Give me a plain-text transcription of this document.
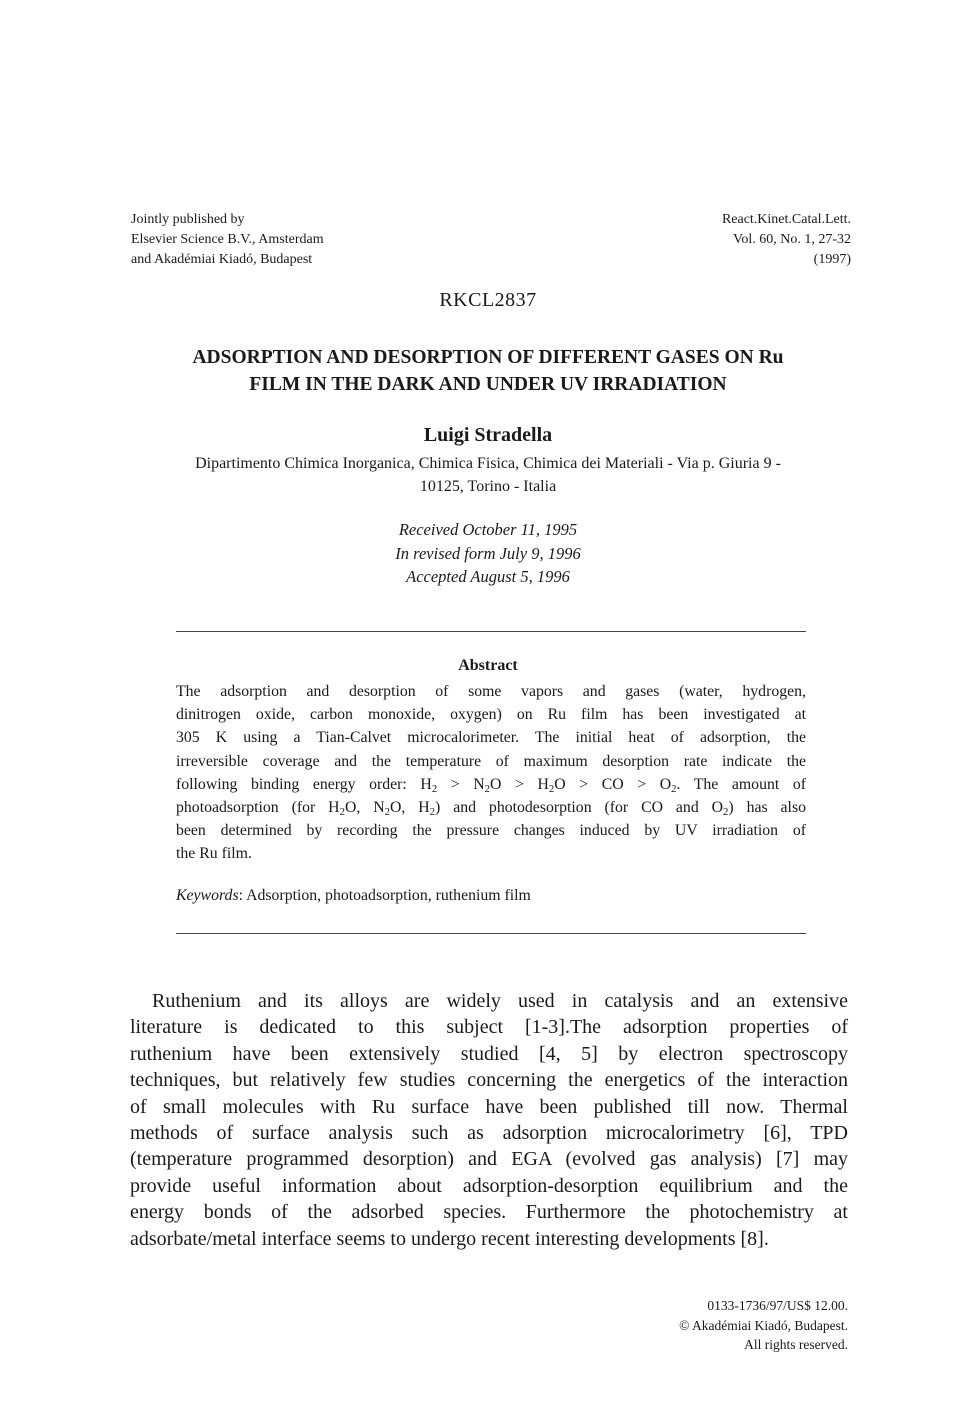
Jointly published by
Elsevier Science B.V., Amsterdam
and Akadémiai Kiadó, Budapest
React.Kinet.Catal.Lett.
Vol. 60, No. 1, 27-32
(1997)
RKCL2837
ADSORPTION AND DESORPTION OF DIFFERENT GASES ON Ru
FILM IN THE DARK AND UNDER UV IRRADIATION
Luigi Stradella
Dipartimento Chimica Inorganica, Chimica Fisica, Chimica dei Materiali - Via p. Giuria 9 -
10125, Torino - Italia
Received October 11, 1995
In revised form July 9, 1996
Accepted August 5, 1996
Abstract
The adsorption and desorption of some vapors and gases (water, hydrogen,
dinitrogen oxide, carbon monoxide, oxygen) on Ru film has been investigated at
305 K using a Tian-Calvet microcalorimeter. The initial heat of adsorption, the
irreversible coverage and the temperature of maximum desorption rate indicate the
following binding energy order: $H_2 > N_2O > H_2O$ > CO > $O_2$. The amount of
photoadsorption (for $H_2O$, $N_2O$, $H_2$) and photodesorption (for CO and $O_2$) has also
been determined by recording the pressure changes induced by UV irradiation of
the Ru film.
Keywords: Adsorption, photoadsorption, ruthenium film
Ruthenium and its alloys are widely used in catalysis and an extensive
literature is dedicated to this subject [1-3].The adsorption properties of
ruthenium have been extensively studied [4, 5] by electron spectroscopy
techniques, but relatively few studies concerning the energetics of the interaction
of small molecules with Ru surface have been published till now. Thermal
methods of surface analysis such as adsorption microcalorimetry [6], TPD
(temperature programmed desorption) and EGA (evolved gas analysis) [7] may
provide useful information about adsorption-desorption equilibrium and the
energy bonds of the adsorbed species. Furthermore the photochemistry at
adsorbate/metal interface seems to undergo recent interesting developments [8].
0133-1736/97/US$ 12.00.
© Akadémiai Kiadó, Budapest.
All rights reserved.
